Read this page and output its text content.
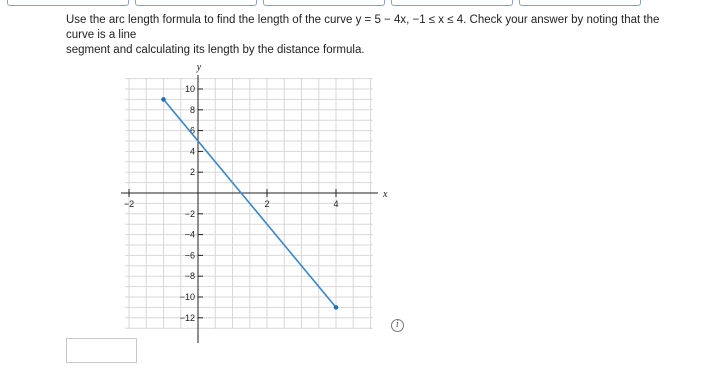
Use the arc length formula to find the length of the curve y = 5 − 4x, −1 ≤ x ≤ 4. Check your answer by noting that the curve is a line
segment and calculating its length by the distance formula.
−2	2	4
10
8
6
4
2
−2
−4
−6
−8
−10
−12
x
y
i
